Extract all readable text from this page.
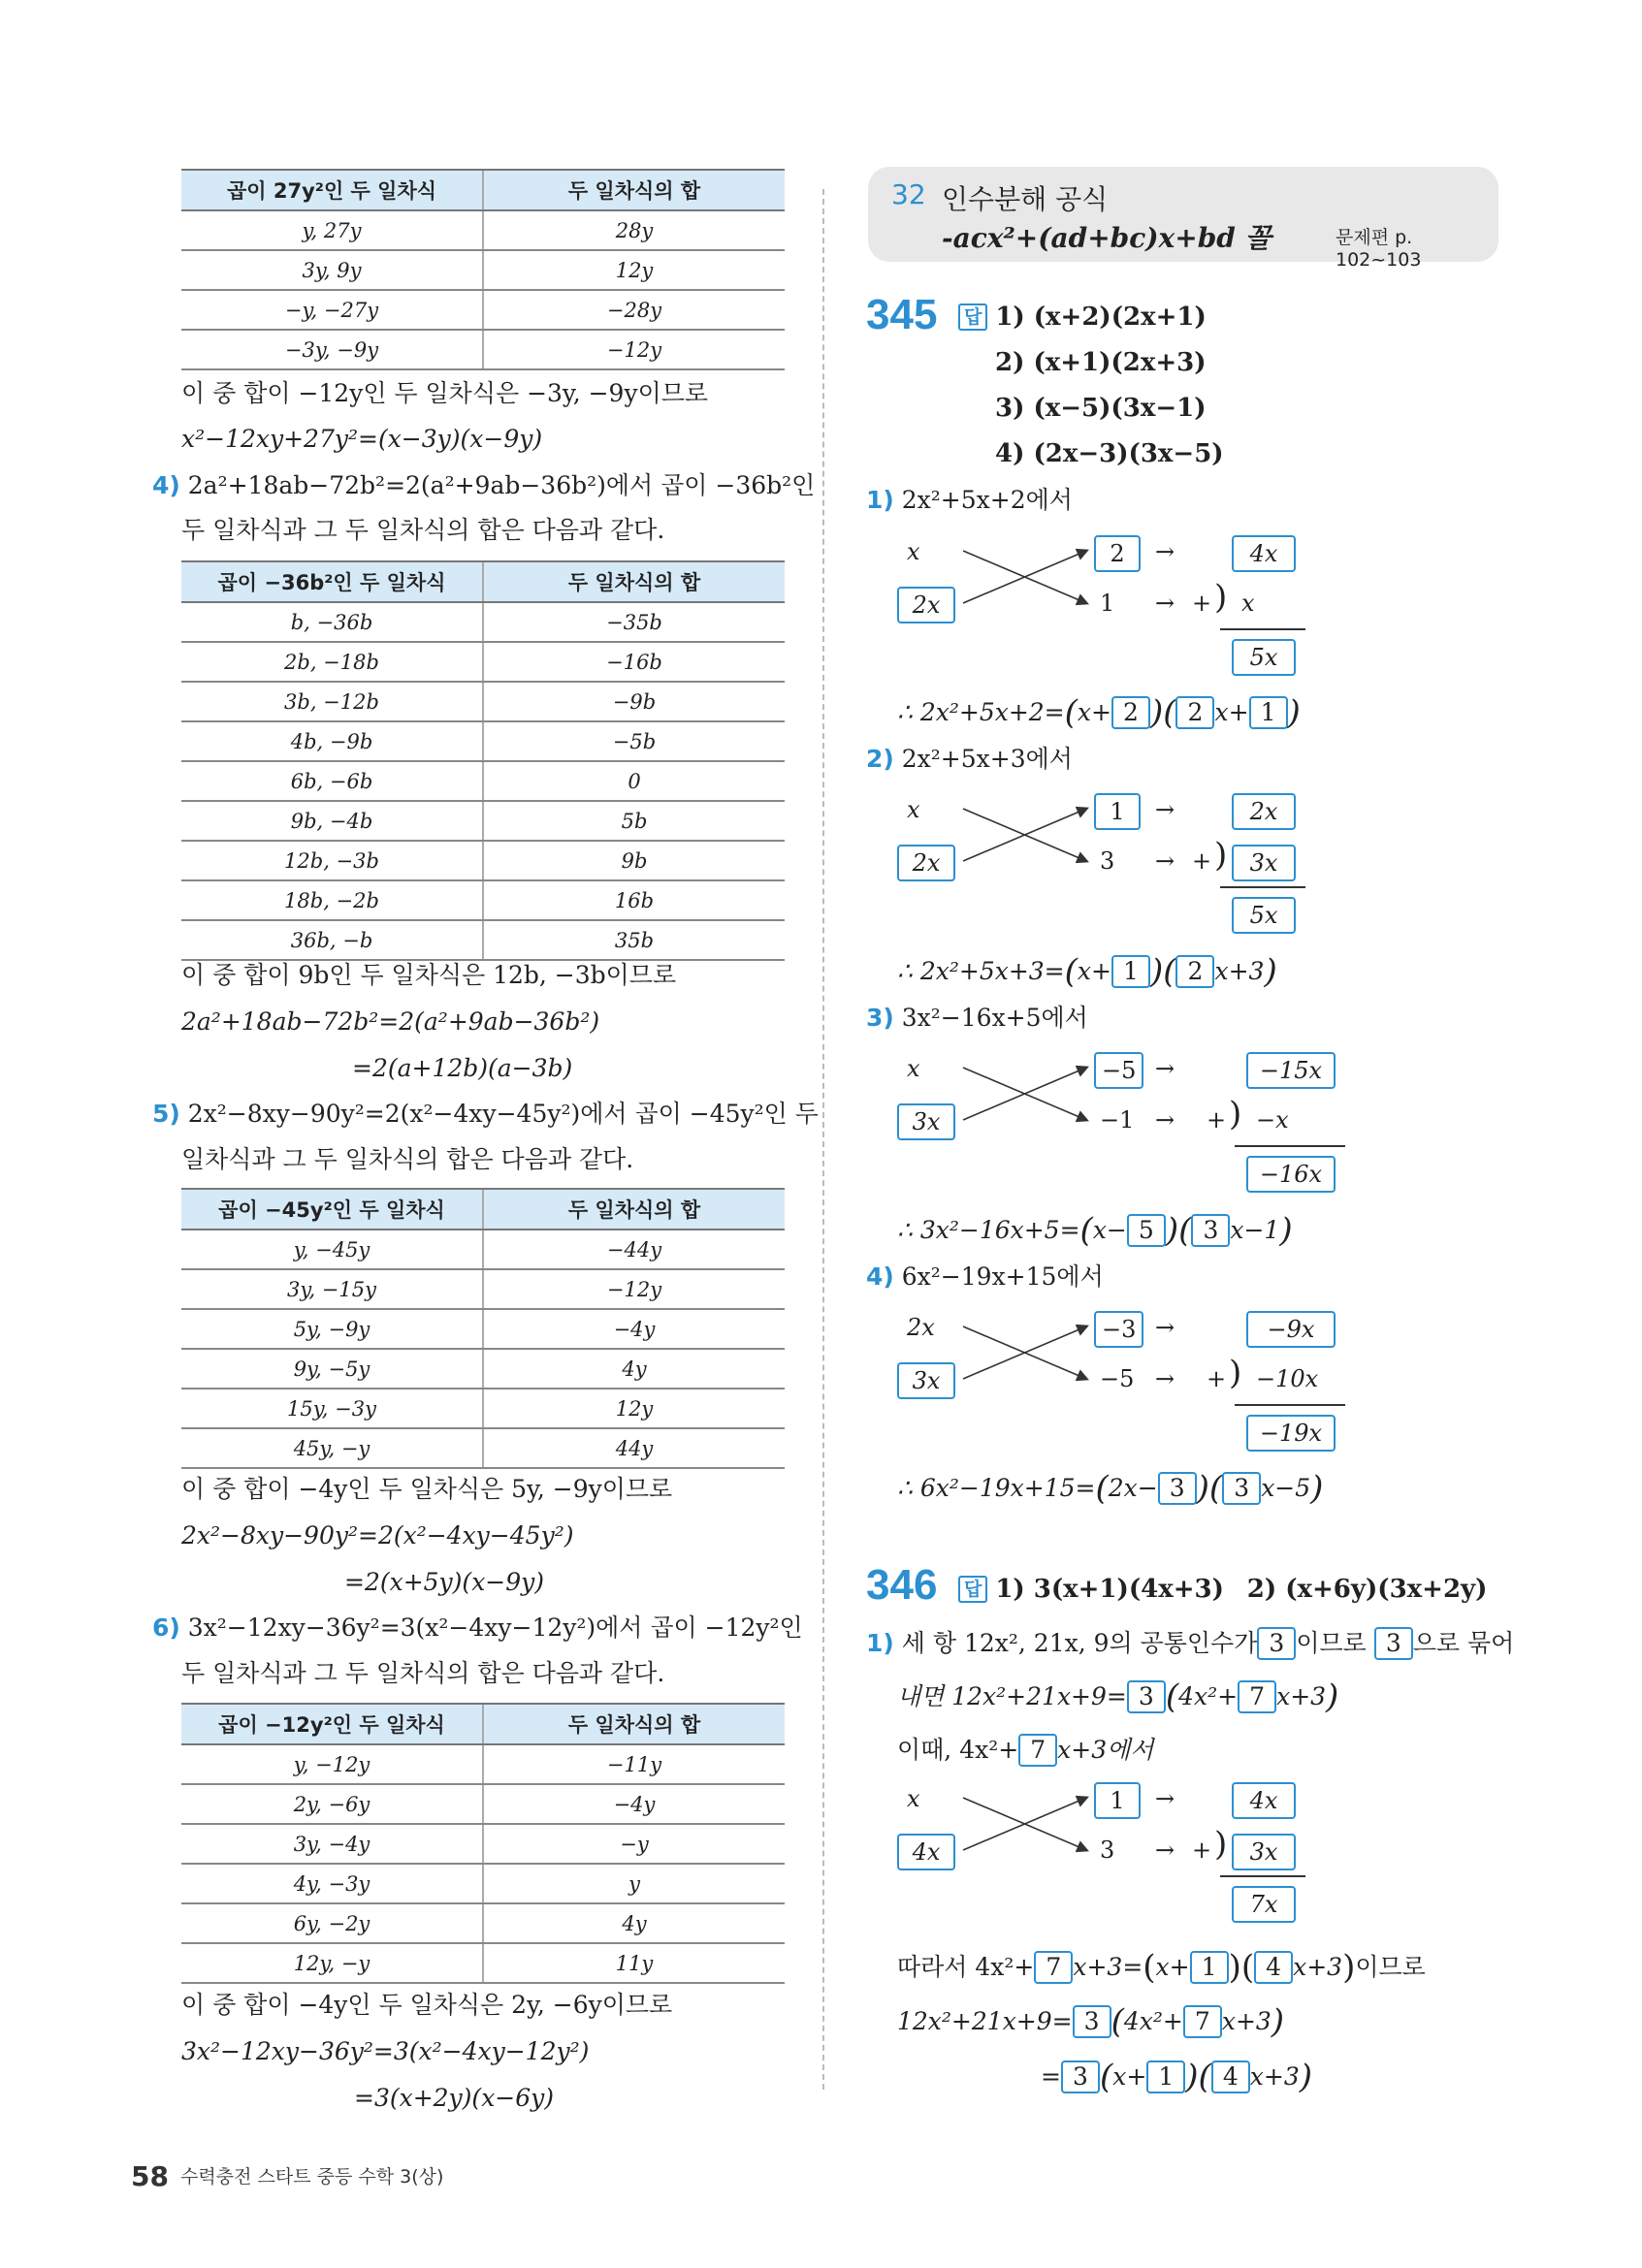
곱이 27y²인 두 일차식	두 일차식의 합
y, 27y	28y
3y, 9y	12y
−y, −27y	−28y
−3y, −9y	−12y
이 중 합이 −12y인 두 일차식은 −3y, −9y이므로
x²−12xy+27y²=(x−3y)(x−9y)
4) 2a²+18ab−72b²=2(a²+9ab−36b²)에서 곱이 −36b²인
두 일차식과 그 두 일차식의 합은 다음과 같다.
곱이 −36b²인 두 일차식	두 일차식의 합
b, −36b	−35b
2b, −18b	−16b
3b, −12b	−9b
4b, −9b	−5b
6b, −6b	0
9b, −4b	5b
12b, −3b	9b
18b, −2b	16b
36b, −b	35b
이 중 합이 9b인 두 일차식은 12b, −3b이므로
2a²+18ab−72b²=2(a²+9ab−36b²)
=2(a+12b)(a−3b)
5) 2x²−8xy−90y²=2(x²−4xy−45y²)에서 곱이 −45y²인 두
일차식과 그 두 일차식의 합은 다음과 같다.
곱이 −45y²인 두 일차식	두 일차식의 합
y, −45y	−44y
3y, −15y	−12y
5y, −9y	−4y
9y, −5y	4y
15y, −3y	12y
45y, −y	44y
이 중 합이 −4y인 두 일차식은 5y, −9y이므로
2x²−8xy−90y²=2(x²−4xy−45y²)
=2(x+5y)(x−9y)
6) 3x²−12xy−36y²=3(x²−4xy−12y²)에서 곱이 −12y²인
두 일차식과 그 두 일차식의 합은 다음과 같다.
곱이 −12y²인 두 일차식	두 일차식의 합
y, −12y	−11y
2y, −6y	−4y
3y, −4y	−y
4y, −3y	y
6y, −2y	4y
12y, −y	11y
이 중 합이 −4y인 두 일차식은 2y, −6y이므로
3x²−12xy−36y²=3(x²−4xy−12y²)
=3(x+2y)(x−6y)
32 인수분해 공식
-acx²+(ad+bc)x+bd 꼴	문제편 p. 102~103
345	답 1) (x+2)(2x+1)
2) (x+1)(2x+3)
3) (x−5)(3x−1)
4) (2x−3)(3x−5)
1) 2x²+5x+2에서
x
2x
2
1
→
→
4x
+ ) x
5x
∴ 2x²+5x+2=(x+ 2 )( 2 x+ 1 )
2) 2x²+5x+3에서
x
2x
1
3
→
→
2x
+ ) 3x
5x
∴ 2x²+5x+3=(x+ 1 )( 2 x+3)
3) 3x²−16x+5에서
x
3x
−5
−1
→
→
−15x
+ ) −x
−16x
∴ 3x²−16x+5=(x− 5 )( 3 x−1)
4) 6x²−19x+15에서
2x
3x
−3
−5
→
→
−9x
+ ) −10x
−19x
∴ 6x²−19x+15=(2x− 3 )( 3 x−5)
346	답 1) 3(x+1)(4x+3) 2) (x+6y)(3x+2y)
1) 세 항 12x², 21x, 9의 공통인수가 3 이므로 3 으로 묶어
내면 12x²+21x+9= 3 (4x²+ 7 x+3)
이때, 4x²+ 7 x+3에서
x
4x
1
3
→
→
4x
+ ) 3x
7x
따라서 4x²+ 7 x+3=(x+ 1 )( 4 x+3)이므로
12x²+21x+9= 3 (4x²+ 7 x+3)
= 3 (x+ 1 )( 4 x+3)
58 수력충전 스타트 중등 수학 3(상)
